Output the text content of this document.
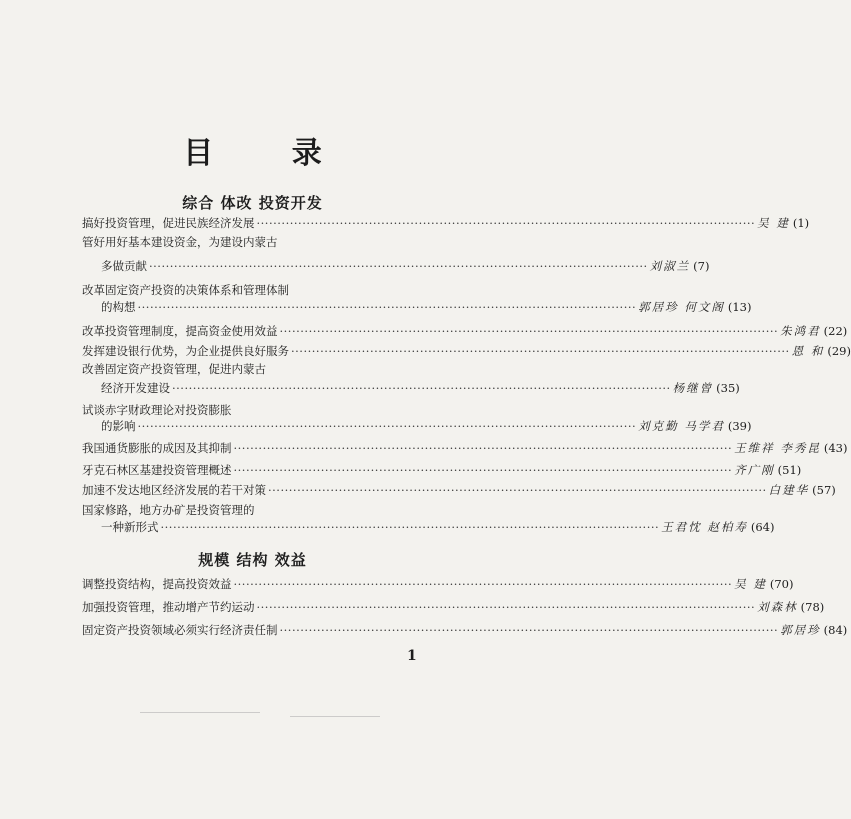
目 录
综合 体改 投资开发
规模 结构 效益
搞好投资管理，促进民族经济发展 ························································································································ 吴 建 (1)
管好用好基本建设资金，为建设内蒙古
多做贡献 ························································································································ 刘淑兰 (7)
改革固定资产投资的决策体系和管理体制
的构想 ························································································································ 郭居珍 何文阁 (13)
改革投资管理制度，提高资金使用效益 ························································································································ 朱鸿君 (22)
发挥建设银行优势，为企业提供良好服务 ························································································································ 恩 和 (29)
改善固定资产投资管理，促进内蒙古
经济开发建设 ························································································································ 杨继曾 (35)
试谈赤字财政理论对投资膨胀
的影响 ························································································································ 刘克勤 马学君 (39)
我国通货膨胀的成因及其抑制 ························································································································ 王维祥 李秀昆 (43)
牙克石林区基建投资管理概述 ························································································································ 齐广刚 (51)
加速不发达地区经济发展的若干对策 ························································································································ 白建华 (57)
国家修路，地方办矿是投资管理的
一种新形式 ························································································································ 王君忱 赵柏寿 (64)
调整投资结构，提高投资效益 ························································································································ 吴 建 (70)
加强投资管理，推动增产节约运动 ························································································································ 刘森林 (78)
固定资产投资领域必须实行经济责任制 ························································································································ 郭居珍 (84)
1
